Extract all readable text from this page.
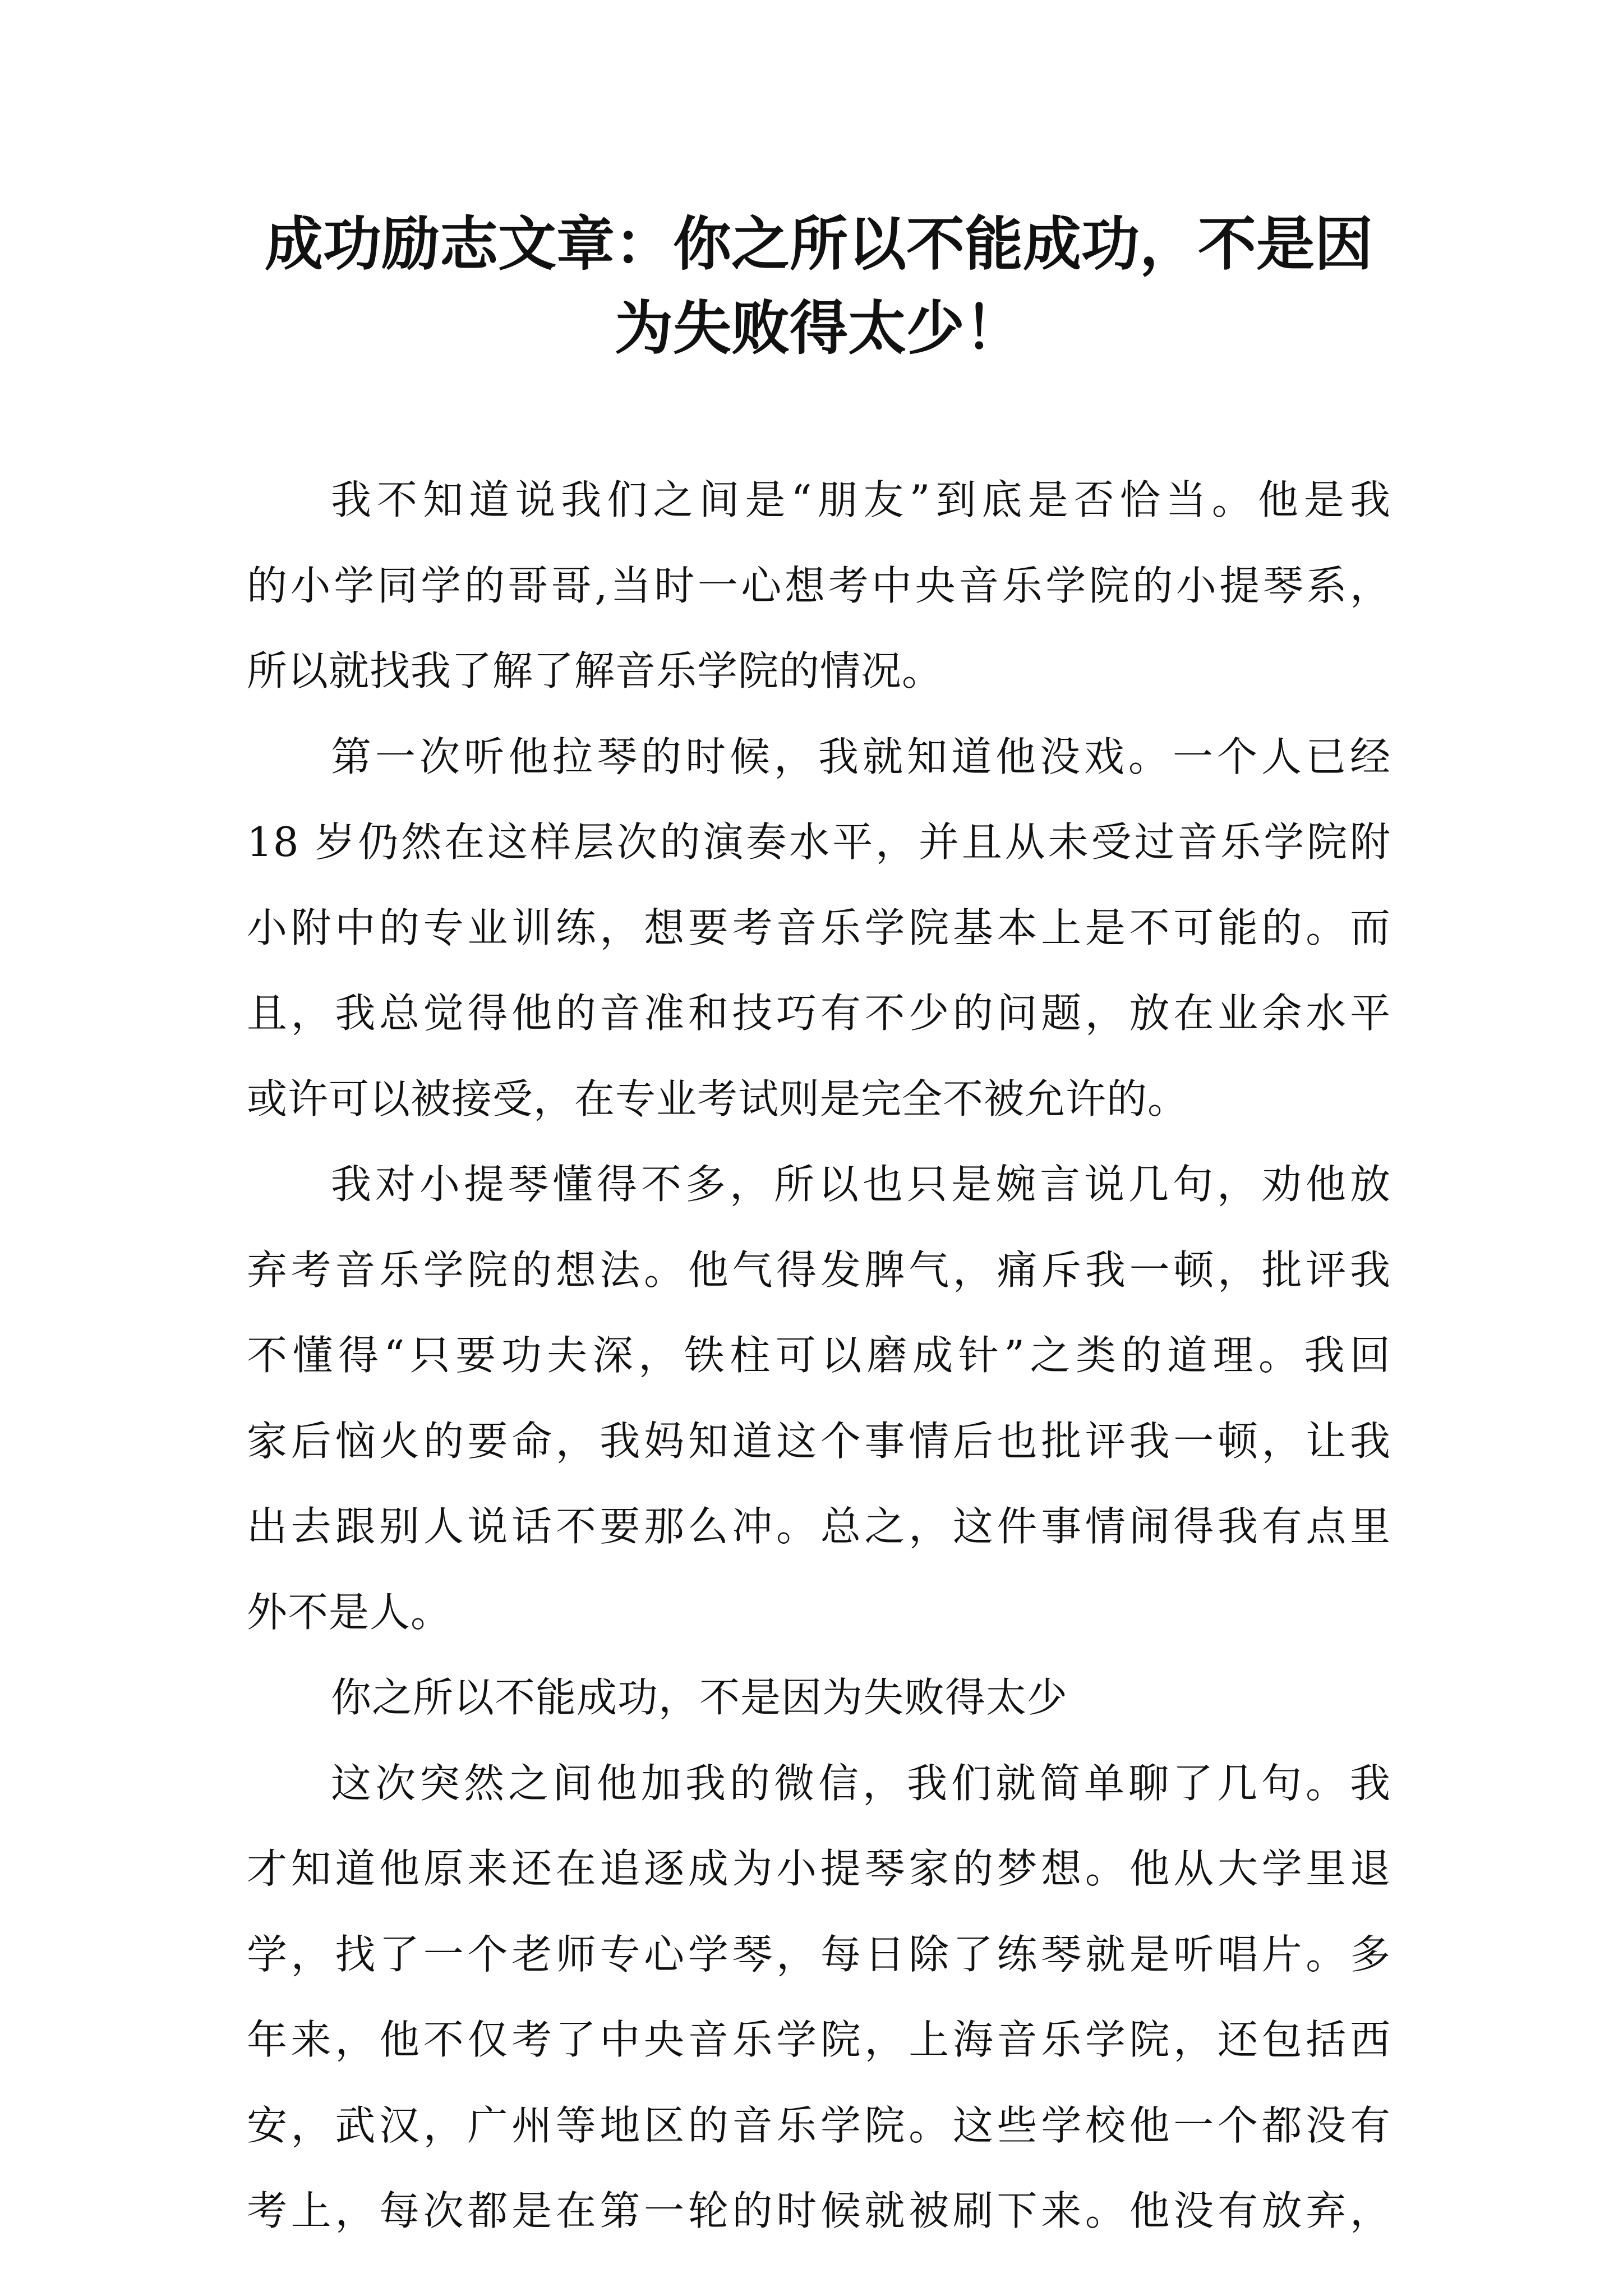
成功励志文章：你之所以不能成功，不是因
为失败得太少！
我不知道说我们之间是“朋友”到底是否恰当。他是我
的小学同学的哥哥,当时一心想考中央音乐学院的小提琴系，
所以就找我了解了解音乐学院的情况。
第一次听他拉琴的时候，我就知道他没戏。一个人已经
18 岁仍然在这样层次的演奏水平，并且从未受过音乐学院附
小附中的专业训练，想要考音乐学院基本上是不可能的。而
且，我总觉得他的音准和技巧有不少的问题，放在业余水平
或许可以被接受，在专业考试则是完全不被允许的。
我对小提琴懂得不多，所以也只是婉言说几句，劝他放
弃考音乐学院的想法。他气得发脾气，痛斥我一顿，批评我
不懂得“只要功夫深，铁柱可以磨成针”之类的道理。我回
家后恼火的要命，我妈知道这个事情后也批评我一顿，让我
出去跟别人说话不要那么冲。总之，这件事情闹得我有点里
外不是人。
你之所以不能成功，不是因为失败得太少
这次突然之间他加我的微信，我们就简单聊了几句。我
才知道他原来还在追逐成为小提琴家的梦想。他从大学里退
学，找了一个老师专心学琴，每日除了练琴就是听唱片。多
年来，他不仅考了中央音乐学院，上海音乐学院，还包括西
安，武汉，广州等地区的音乐学院。这些学校他一个都没有
考上，每次都是在第一轮的时候就被刷下来。他没有放弃，
